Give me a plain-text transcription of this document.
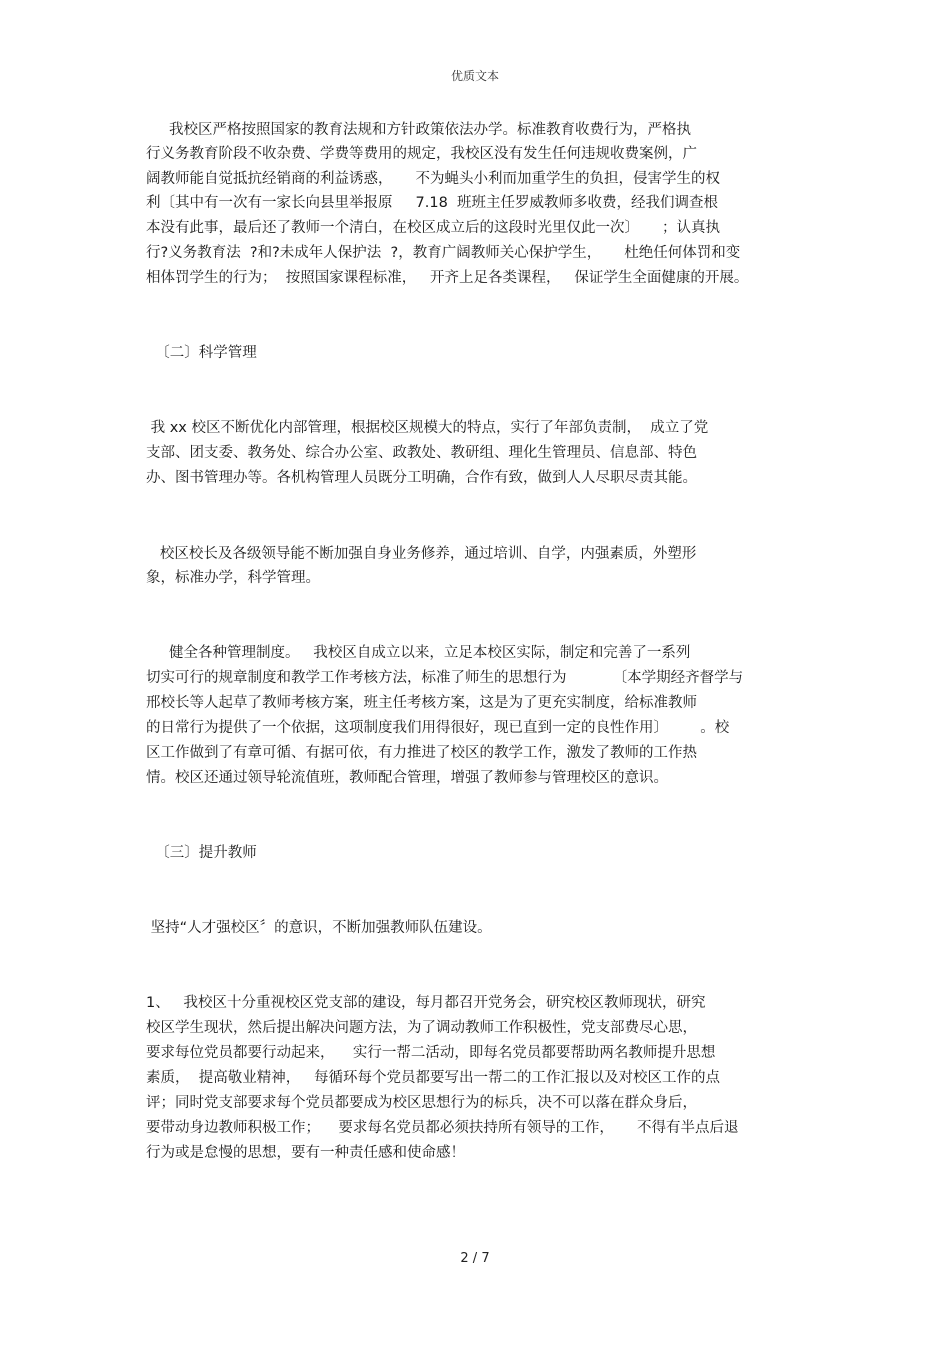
优质文本
我校区严格按照国家的教育法规和方针政策依法办学。标准教育收费行为，严格执
行义务教育阶段不收杂费、学费等费用的规定，我校区没有发生任何违规收费案例，广
阔教师能自觉抵抗经销商的利益诱惑，     不为蝇头小利而加重学生的负担，侵害学生的权
利〔其中有一次有一家长向县里举报原     7.18  班班主任罗威教师多收费，经我们调查根
本没有此事，最后还了教师一个清白，在校区成立后的这段时光里仅此一次〕     ；认真执
行?义务教育法  ?和?未成年人保护法  ?，教育广阔教师关心保护学生，     杜绝任何体罚和变
相体罚学生的行为；  按照国家课程标准，   开齐上足各类课程，   保证学生全面健康的开展。
〔二〕科学管理
我 xx 校区不断优化内部管理，根据校区规模大的特点，实行了年部负责制，  成立了党
支部、团支委、教务处、综合办公室、政教处、教研组、理化生管理员、信息部、特色
办、图书管理办等。各机构管理人员既分工明确，合作有致，做到人人尽职尽责其能。
校区校长及各级领导能不断加强自身业务修养，通过培训、自学，内强素质，外塑形
象，标准办学，科学管理。
健全各种管理制度。   我校区自成立以来，立足本校区实际，制定和完善了一系列
切实可行的规章制度和教学工作考核方法，标准了师生的思想行为          〔本学期经齐督学与
邢校长等人起草了教师考核方案，班主任考核方案，这是为了更充实制度，给标准教师
的日常行为提供了一个依据，这项制度我们用得很好，现已直到一定的良性作用〕       。校
区工作做到了有章可循、有据可依，有力推进了校区的教学工作，激发了教师的工作热
情。校区还通过领导轮流值班，教师配合管理，增强了教师参与管理校区的意识。
〔三〕提升教师
坚持“人才强校区〞的意识，不断加强教师队伍建设。
1、   我校区十分重视校区党支部的建设，每月都召开党务会，研究校区教师现状，研究
校区学生现状，然后提出解决问题方法，为了调动教师工作积极性，党支部费尽心思，
要求每位党员都要行动起来，    实行一帮二活动，即每名党员都要帮助两名教师提升思想
素质，  提高敬业精神，   每循环每个党员都要写出一帮二的工作汇报以及对校区工作的点
评；同时党支部要求每个党员都要成为校区思想行为的标兵，决不可以落在群众身后，
要带动身边教师积极工作；    要求每名党员都必须扶持所有领导的工作，     不得有半点后退
行为或是怠慢的思想，要有一种责任感和使命感！
2 / 7
